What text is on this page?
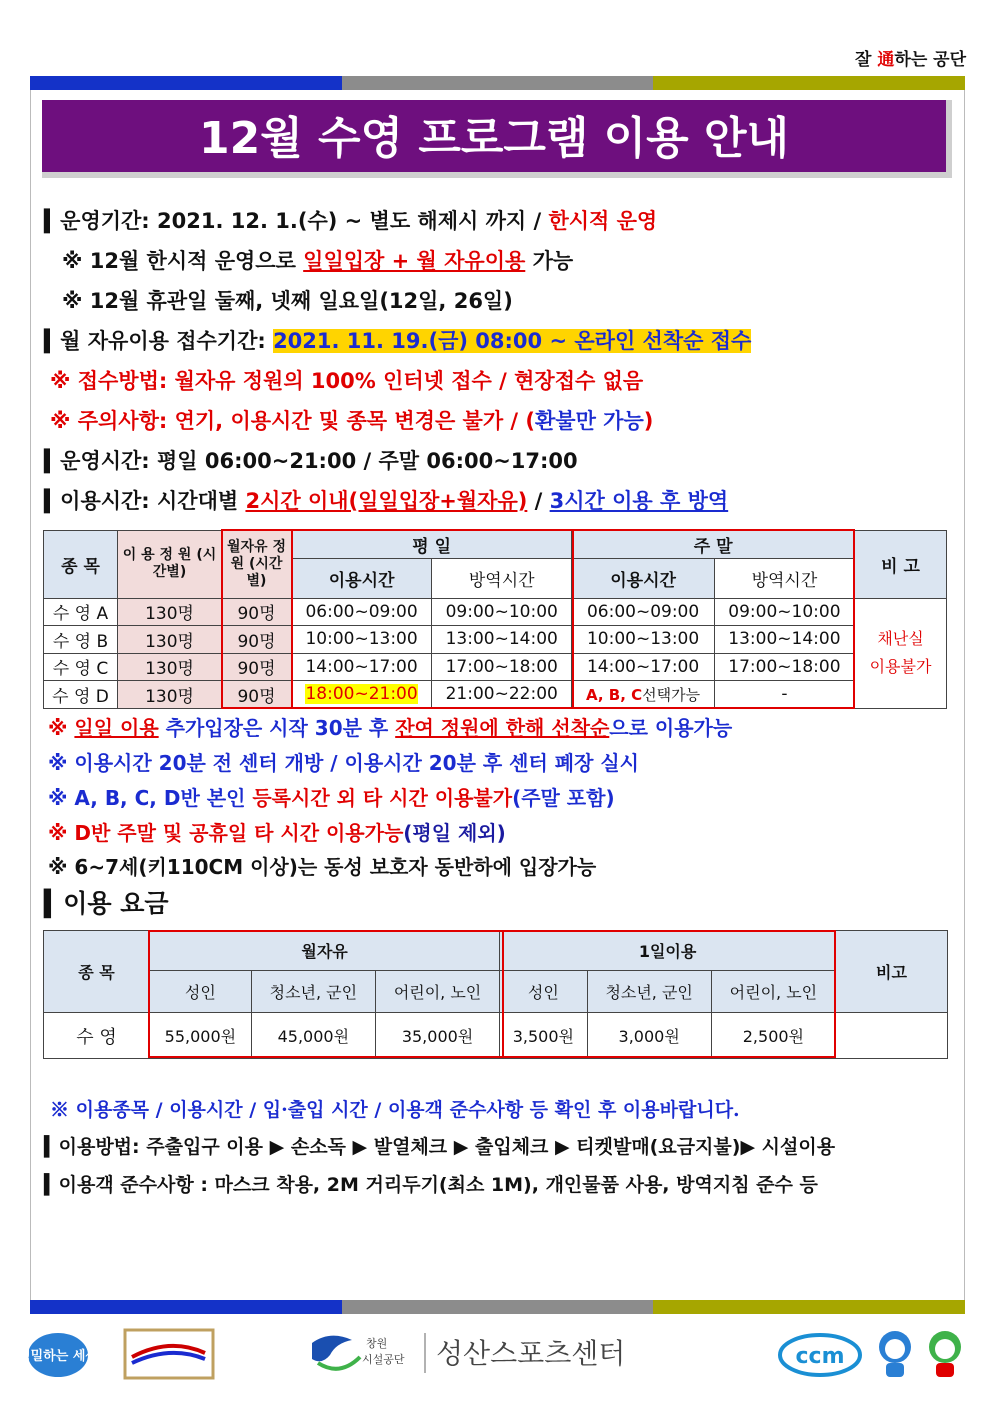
잘 通하는 공단
12월 수영 프로그램 이용 안내
▍운영기간: 2021. 12. 1.(수) ~ 별도 해제시 까지 / 한시적 운영
※ 12월 한시적 운영으로 일일입장 + 월 자유이용 가능
※ 12월 휴관일 둘째, 넷째 일요일(12일, 26일)
▍월 자유이용 접수기간: 2021. 11. 19.(금) 08:00 ~ 온라인 선착순 접수
※ 접수방법: 월자유 정원의 100% 인터넷 접수 / 현장접수 없음
※ 주의사항: 연기, 이용시간 및 종목 변경은 불가 / (환불만 가능)
▍운영시간: 평일 06:00~21:00 / 주말 06:00~17:00
▍이용시간: 시간대별 2시간 이내(일일입장+월자유) / 3시간 이용 후 방역
종 목	이 용 정 원 (시간별)	월자유 정원 (시간별)	평 일		주 말		비 고
			이용시간	방역시간	이용시간	방역시간	
수 영 A	130명	90명	06:00~09:00	09:00~10:00	06:00~09:00	09:00~10:00	채난실
이용불가
수 영 B	130명	90명	10:00~13:00	13:00~14:00	10:00~13:00	13:00~14:00	
수 영 C	130명	90명	14:00~17:00	17:00~18:00	14:00~17:00	17:00~18:00	
수 영 D	130명	90명	18:00~21:00	21:00~22:00	A, B, C선택가능	-	
※ 일일 이용 추가입장은 시작 30분 후 잔여 정원에 한해 선착순으로 이용가능
※ 이용시간 20분 전 센터 개방 / 이용시간 20분 후 센터 폐장 실시
※ A, B, C, D반 본인 등록시간 외 타 시간 이용불가(주말 포함)
※ D반 주말 및 공휴일 타 시간 이용가능(평일 제외)
※ 6~7세(키110CM 이상)는 동성 보호자 동반하에 입장가능
▍이용 요금
종 목	월자유			1일이용			비고
	성인	청소년, 군인	어린이, 노인	성인	청소년, 군인	어린이, 노인	
수 영	55,000원	45,000원	35,000원	3,500원	3,000원	2,500원	
※ 이용종목 / 이용시간 / 입·출입 시간 / 이용객 준수사항 등 확인 후 이용바랍니다.
▍이용방법: 주출입구 이용 ▶ 손소독 ▶ 발열체크 ▶ 출입체크 ▶ 티켓발매(요금지불)▶ 시설이용
▍이용객 준수사항 : 마스크 착용, 2M 거리두기(최소 1M), 개인물품 사용, 방역지침 준수 등
정밀하는 세상
창원
시설공단 성산스포츠센터	ccm
